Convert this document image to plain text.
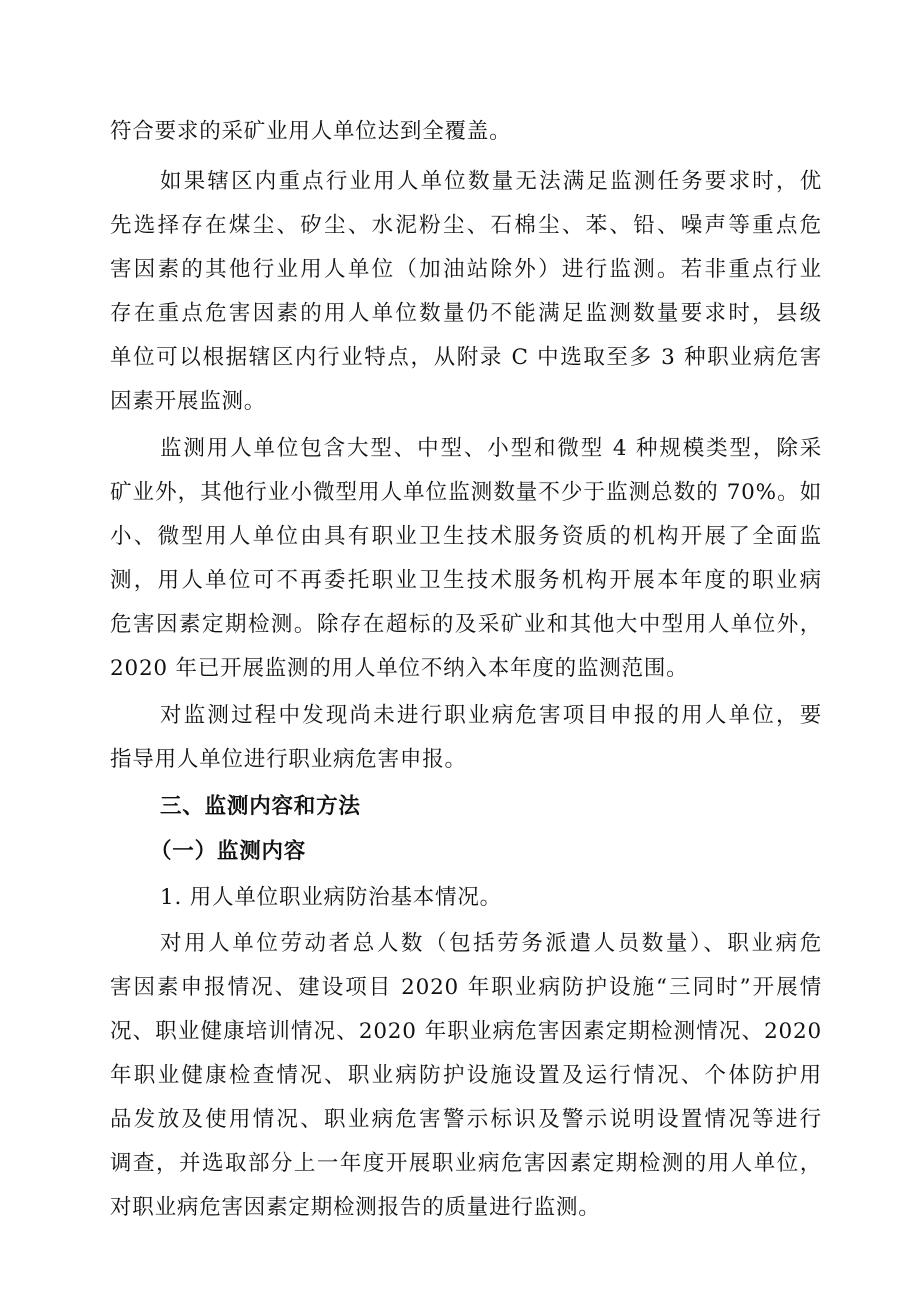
符合要求的采矿业用人单位达到全覆盖。
如果辖区内重点行业用人单位数量无法满足监测任务要求时，优
先选择存在煤尘、矽尘、水泥粉尘、石棉尘、苯、铅、噪声等重点危
害因素的其他行业用人单位（加油站除外）进行监测。若非重点行业
存在重点危害因素的用人单位数量仍不能满足监测数量要求时，县级
单位可以根据辖区内行业特点，从附录 C 中选取至多 3 种职业病危害
因素开展监测。
监测用人单位包含大型、中型、小型和微型 4 种规模类型，除采
矿业外，其他行业小微型用人单位监测数量不少于监测总数的 70%。如
小、微型用人单位由具有职业卫生技术服务资质的机构开展了全面监
测，用人单位可不再委托职业卫生技术服务机构开展本年度的职业病
危害因素定期检测。除存在超标的及采矿业和其他大中型用人单位外，
2020 年已开展监测的用人单位不纳入本年度的监测范围。
对监测过程中发现尚未进行职业病危害项目申报的用人单位，要
指导用人单位进行职业病危害申报。
三、监测内容和方法
（一）监测内容
1. 用人单位职业病防治基本情况。
对用人单位劳动者总人数（包括劳务派遣人员数量）、职业病危
害因素申报情况、建设项目 2020 年职业病防护设施“三同时”开展情
况、职业健康培训情况、2020 年职业病危害因素定期检测情况、2020
年职业健康检查情况、职业病防护设施设置及运行情况、个体防护用
品发放及使用情况、职业病危害警示标识及警示说明设置情况等进行
调查，并选取部分上一年度开展职业病危害因素定期检测的用人单位，
对职业病危害因素定期检测报告的质量进行监测。
